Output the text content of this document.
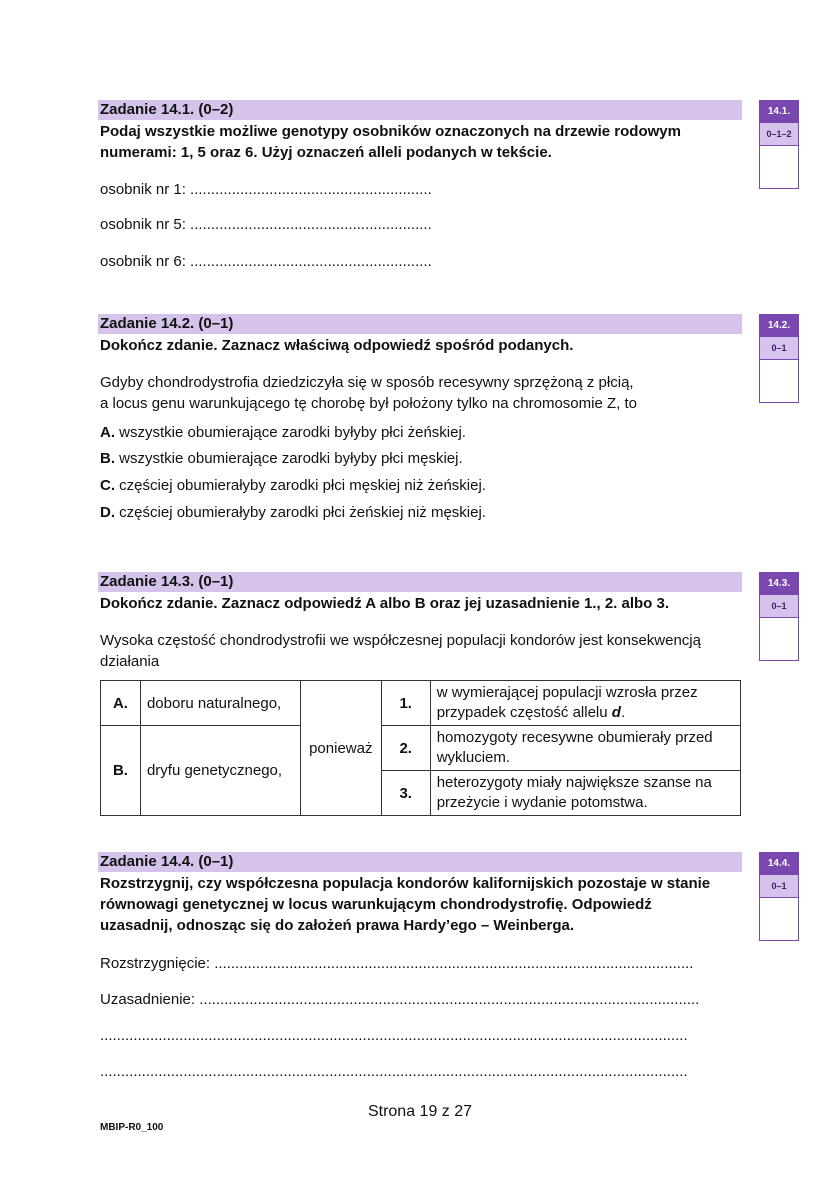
Zadanie 14.1. (0–2)
Podaj wszystkie możliwe genotypy osobników oznaczonych na drzewie rodowym
numerami: 1, 5 oraz 6. Użyj oznaczeń alleli podanych w tekście.
osobnik nr 1: ..........................................................
osobnik nr 5: ..........................................................
osobnik nr 6: ..........................................................
14.1.
0–1–2
Zadanie 14.2. (0–1)
Dokończ zdanie. Zaznacz właściwą odpowiedź spośród podanych.
Gdyby chondrodystrofia dziedziczyła się w sposób recesywny sprzężoną z płcią,
a locus genu warunkującego tę chorobę był położony tylko na chromosomie Z, to
A. wszystkie obumierające zarodki byłyby płci żeńskiej.
B. wszystkie obumierające zarodki byłyby płci męskiej.
C. częściej obumierałyby zarodki płci męskiej niż żeńskiej.
D. częściej obumierałyby zarodki płci żeńskiej niż męskiej.
14.2.
0–1
Zadanie 14.3. (0–1)
Dokończ zdanie. Zaznacz odpowiedź A albo B oraz jej uzasadnienie 1., 2. albo 3.
Wysoka częstość chondrodystrofii we współczesnej populacji kondorów jest konsekwencją
działania
A.	doboru naturalnego,	ponieważ	1.	w wymierającej populacji wzrosła przez
przypadek częstość allelu d.

B.	dryfu genetycznego,		2.	homozygoty recesywne obumierały przed wykluciem.

			3.	heterozygoty miały największe szanse na przeżycie i wydanie potomstwa.

14.3.
0–1
Zadanie 14.4. (0–1)
Rozstrzygnij, czy współczesna populacja kondorów kalifornijskich pozostaje w stanie
równowagi genetycznej w locus warunkującym chondrodystrofię. Odpowiedź
uzasadnij, odnosząc się do założeń prawa Hardy’ego – Weinberga.
Rozstrzygnięcie: ...................................................................................................................
Uzasadnienie: ........................................................................................................................
.............................................................................................................................................
.............................................................................................................................................
14.4.
0–1
Strona 19 z 27
MBIP-R0_100
